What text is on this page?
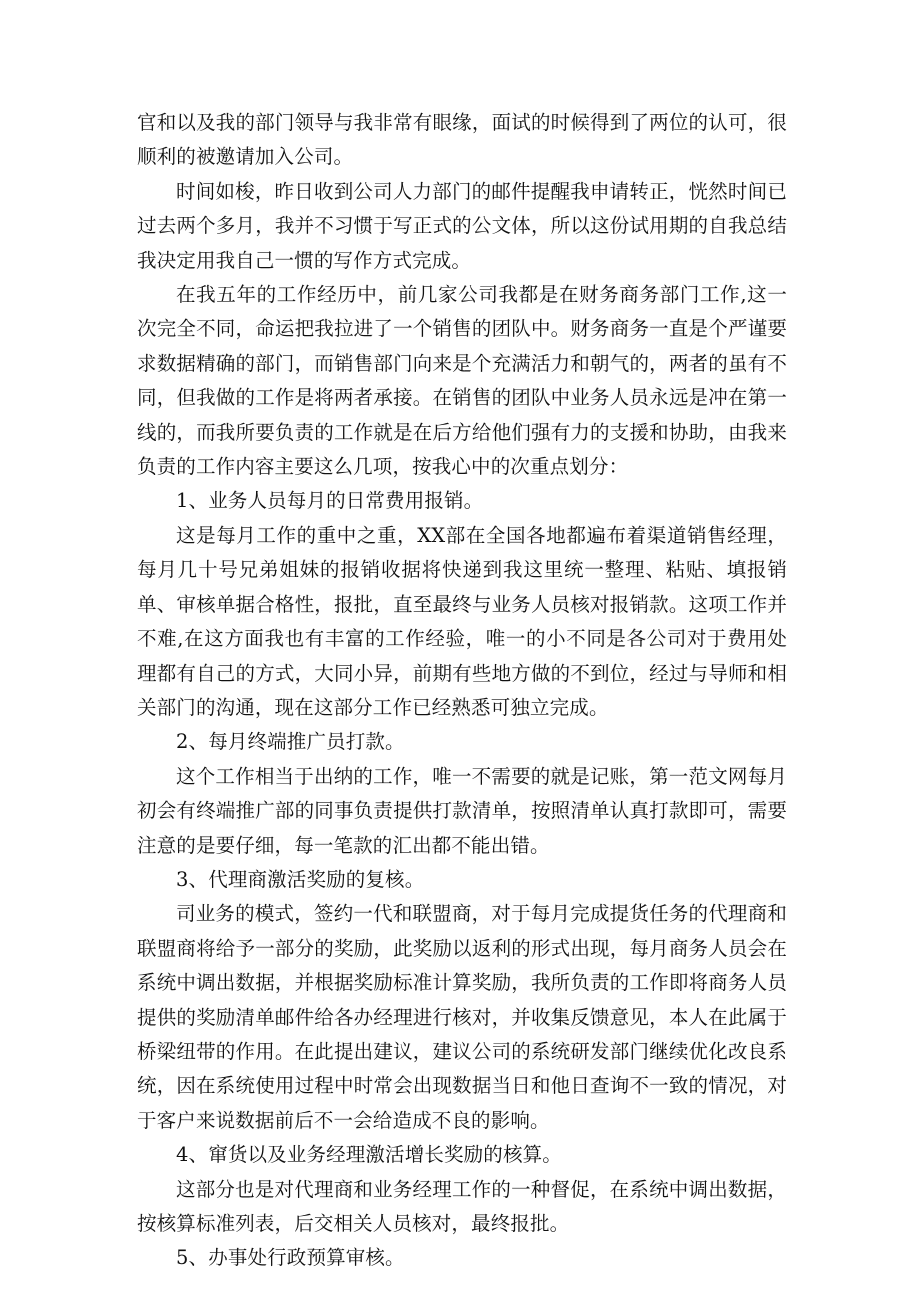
官和以及我的部门领导与我非常有眼缘，面试的时候得到了两位的认可，很顺利的被邀请加入公司。

时间如梭，昨日收到公司人力部门的邮件提醒我申请转正，恍然时间已过去两个多月，我并不习惯于写正式的公文体，所以这份试用期的自我总结我决定用我自己一惯的写作方式完成。

在我五年的工作经历中，前几家公司我都是在财务商务部门工作,这一次完全不同，命运把我拉进了一个销售的团队中。财务商务一直是个严谨要求数据精确的部门，而销售部门向来是个充满活力和朝气的，两者的虽有不同，但我做的工作是将两者承接。在销售的团队中业务人员永远是冲在第一线的，而我所要负责的工作就是在后方给他们强有力的支援和协助，由我来负责的工作内容主要这么几项，按我心中的次重点划分：

1、业务人员每月的日常费用报销。

这是每月工作的重中之重，XX部在全国各地都遍布着渠道销售经理，每月几十号兄弟姐妹的报销收据将快递到我这里统一整理、粘贴、填报销单、审核单据合格性，报批，直至最终与业务人员核对报销款。这项工作并不难,在这方面我也有丰富的工作经验，唯一的小不同是各公司对于费用处理都有自己的方式，大同小异，前期有些地方做的不到位，经过与导师和相关部门的沟通，现在这部分工作已经熟悉可独立完成。

2、每月终端推广员打款。

这个工作相当于出纳的工作，唯一不需要的就是记账，第一范文网每月初会有终端推广部的同事负责提供打款清单，按照清单认真打款即可，需要注意的是要仔细，每一笔款的汇出都不能出错。

3、代理商激活奖励的复核。

司业务的模式，签约一代和联盟商，对于每月完成提货任务的代理商和联盟商将给予一部分的奖励，此奖励以返利的形式出现，每月商务人员会在系统中调出数据，并根据奖励标准计算奖励，我所负责的工作即将商务人员提供的奖励清单邮件给各办经理进行核对，并收集反馈意见，本人在此属于桥梁纽带的作用。在此提出建议，建议公司的系统研发部门继续优化改良系统，因在系统使用过程中时常会出现数据当日和他日查询不一致的情况，对于客户来说数据前后不一会给造成不良的影响。

4、窜货以及业务经理激活增长奖励的核算。

这部分也是对代理商和业务经理工作的一种督促，在系统中调出数据，按核算标准列表，后交相关人员核对，最终报批。

5、办事处行政预算审核。
